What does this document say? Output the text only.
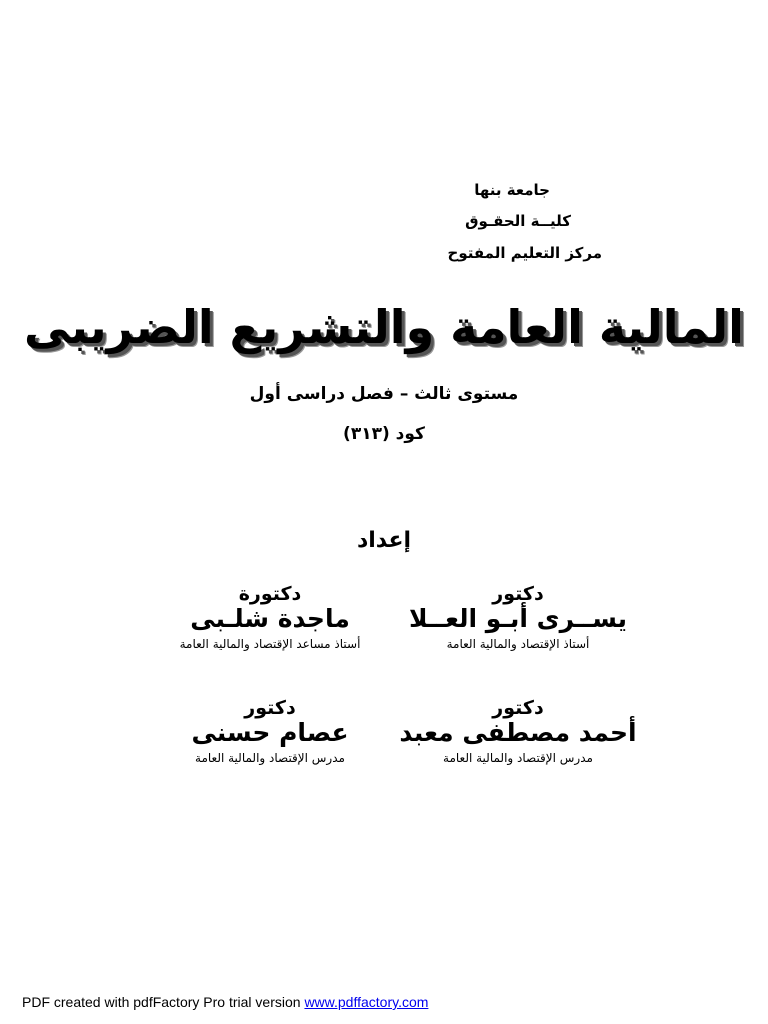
جامعة بنها
كليــة الحقـوق
مركز التعليم المفتوح
المالية العامة والتشريع الضريبى
مستوى ثالث – فصل دراسى أول
كود (٣١٣)
إعداد
دكتور
يســرى أبـو العــلا
أستاذ الإقتصاد والمالية العامة
دكتورة
ماجدة شلـبى
أستاذ مساعد الإقتصاد والمالية العامة
دكتور
أحمد مصطفى معبد
مدرس الإقتصاد والمالية العامة
دكتور
عصام حسنى
مدرس الإقتصاد والمالية العامة
PDF created with pdfFactory Pro trial version www.pdffactory.com
